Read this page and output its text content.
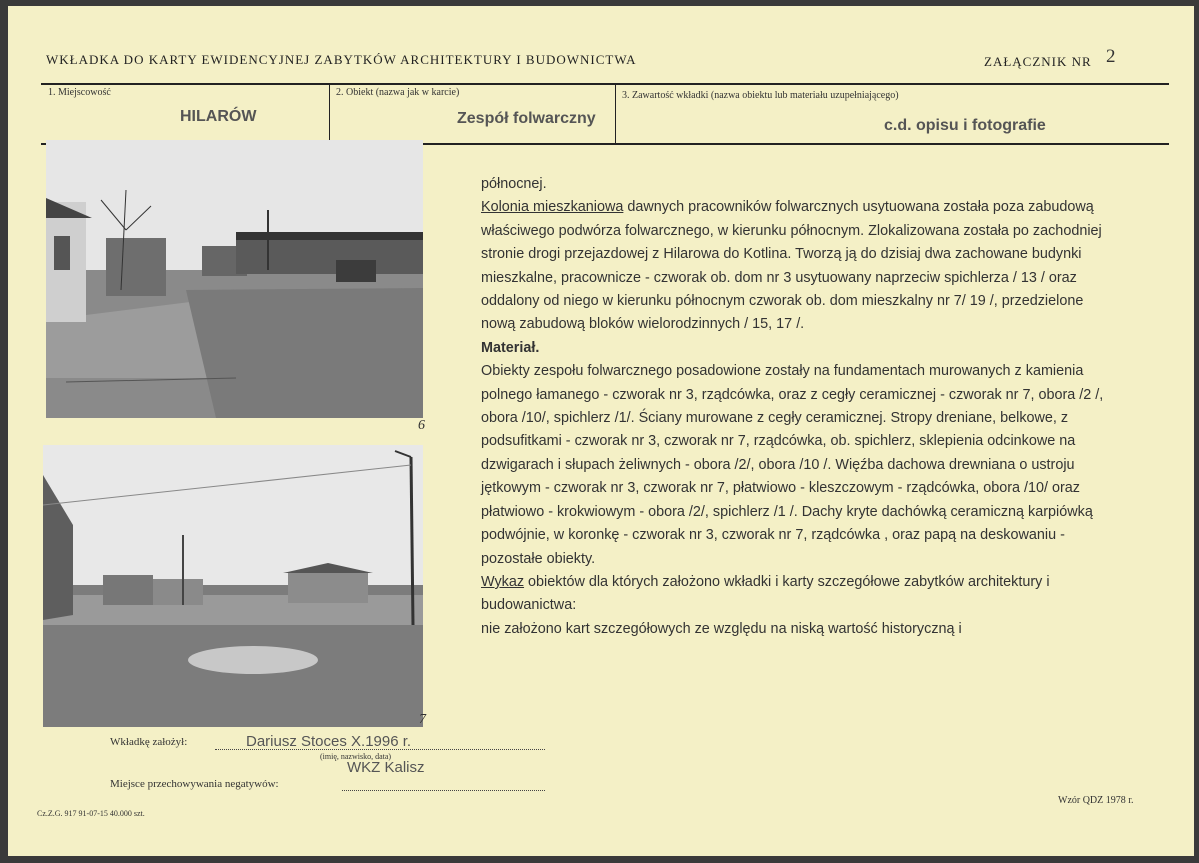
WKŁADKA DO KARTY EWIDENCYJNEJ ZABYTKÓW ARCHITEKTURY I BUDOWNICTWA	ZAŁĄCZNIK NR 2
1. Miejscowość
HILARÓW
2. Obiekt (nazwa jak w karcie)
Zespół folwarczny
3. Zawartość wkładki (nazwa obiektu lub materiału uzupełniającego)
c.d. opisu i fotografie
6
7

północnej.

Kolonia mieszkaniowa dawnych pracowników folwarcznych usytuowana została poza zabudową właściwego podwórza folwarcznego, w kierunku północnym. Zlokalizowana została po zachodniej stronie drogi przejazdowej z Hilarowa do Kotlina. Tworzą ją do dzisiaj dwa zachowane budynki mieszkalne, pracownicze - czworak ob. dom nr 3 usytuowany naprzeciw spichlerza / 13 / oraz oddalony od niego w kierunku północnym czworak ob. dom mieszkalny nr 7/ 19 /, przedzielone nową zabudową bloków wielorodzinnych / 15, 17 /.

Materiał.

Obiekty zespołu folwarcznego posadowione zostały na fundamentach murowanych z kamienia polnego łamanego - czworak nr 3, rządcówka, oraz z cegły ceramicznej - czworak nr 7, obora /2 /, obora /10/, spichlerz /1/. Ściany murowane z cegły ceramicznej. Stropy dreniane, belkowe, z podsufitkami - czworak nr 3, czworak nr 7, rządcówka, ob. spichlerz, sklepienia odcinkowe na dzwigarach i słupach żeliwnych - obora /2/, obora /10 /. Więźba dachowa drewniana o ustroju jętkowym - czworak nr 3, czworak nr 7, płatwiowo - kleszczowym - rządcówka, obora /10/ oraz płatwiowo - krokwiowym - obora /2/, spichlerz /1 /. Dachy kryte dachówką ceramiczną karpiówką podwójnie, w koronkę - czworak nr 3, czworak nr 7, rządcówka , oraz papą na deskowaniu - pozostałe obiekty.

Wykaz obiektów dla których założono wkładki i karty szczegółowe zabytków architektury i budowanictwa:

nie założono kart szczegółowych ze względu na niską wartość historyczną i

Wkładkę założył:	Dariusz Stoces X.1996 r.
(imię, nazwisko, data)
WKZ Kalisz
Miejsce przechowywania negatywów:
Cz.Z.G. 917 91-07-15 40.000 szt.
Wzór QDZ 1978 r.
